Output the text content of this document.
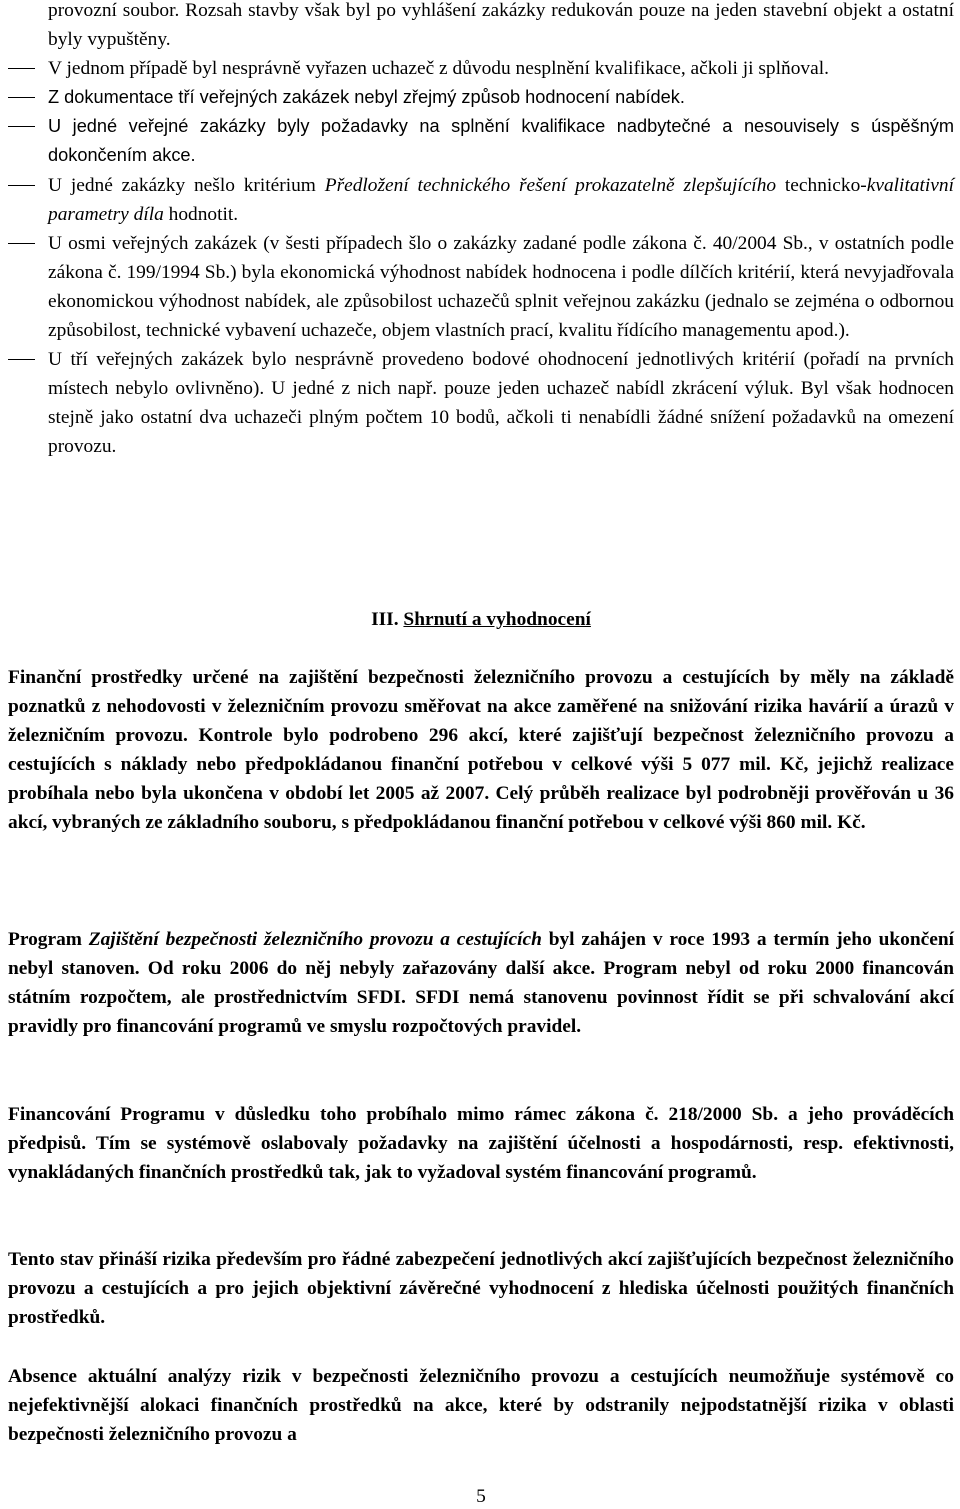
provozní soubor. Rozsah stavby však byl po vyhlášení zakázky redukován pouze na jeden stavební objekt a ostatní byly vypuštěny.
V jednom případě byl nesprávně vyřazen uchazeč z důvodu nesplnění kvalifikace, ačkoli ji splňoval.
Z dokumentace tří veřejných zakázek nebyl zřejmý způsob hodnocení nabídek.
U jedné veřejné zakázky byly požadavky na splnění kvalifikace nadbytečné a nesouvisely s úspěšným dokončením akce.
U jedné zakázky nešlo kritérium Předložení technického řešení prokazatelně zlepšujícího technicko-kvalitativní parametry díla hodnotit.
U osmi veřejných zakázek (v šesti případech šlo o zakázky zadané podle zákona č. 40/2004 Sb., v ostatních podle zákona č. 199/1994 Sb.) byla ekonomická výhodnost nabídek hodnocena i podle dílčích kritérií, která nevyjadřovala ekonomickou výhodnost nabídek, ale způsobilost uchazečů splnit veřejnou zakázku (jednalo se zejména o odbornou způsobilost, technické vybavení uchazeče, objem vlastních prací, kvalitu řídícího managementu apod.).
U tří veřejných zakázek bylo nesprávně provedeno bodové ohodnocení jednotlivých kritérií (pořadí na prvních místech nebylo ovlivněno). U jedné z nich např. pouze jeden uchazeč nabídl zkrácení výluk. Byl však hodnocen stejně jako ostatní dva uchazeči plným počtem 10 bodů, ačkoli ti nenabídli žádné snížení požadavků na omezení provozu.
III. Shrnutí a vyhodnocení

Finanční prostředky určené na zajištění bezpečnosti železničního provozu a cestujících by měly na základě poznatků z nehodovosti v železničním provozu směřovat na akce zaměřené na snižování rizika havárií a úrazů v železničním provozu. Kontrole bylo podrobeno 296 akcí, které zajišťují bezpečnost železničního provozu a cestujících s náklady nebo předpokládanou finanční potřebou v celkové výši 5 077 mil. Kč, jejichž realizace probíhala nebo byla ukončena v období let 2005 až 2007. Celý průběh realizace byl podrobněji prověřován u 36 akcí, vybraných ze základního souboru, s předpokládanou finanční potřebou v celkové výši 860 mil. Kč.

Program Zajištění bezpečnosti železničního provozu a cestujících byl zahájen v roce 1993 a termín jeho ukončení nebyl stanoven. Od roku 2006 do něj nebyly zařazovány další akce. Program nebyl od roku 2000 financován státním rozpočtem, ale prostřednictvím SFDI. SFDI nemá stanovenu povinnost řídit se při schvalování akcí pravidly pro financování programů ve smyslu rozpočtových pravidel.

Financování Programu v důsledku toho probíhalo mimo rámec zákona č. 218/2000 Sb. a jeho prováděcích předpisů. Tím se systémově oslabovaly požadavky na zajištění účelnosti a hospodárnosti, resp. efektivnosti, vynakládaných finančních prostředků tak, jak to vyžadoval systém financování programů.

Tento stav přináší rizika především pro řádné zabezpečení jednotlivých akcí zajišťujících bezpečnost železničního provozu a cestujících a pro jejich objektivní závěrečné vyhodnocení z hlediska účelnosti použitých finančních prostředků.

Absence aktuální analýzy rizik v bezpečnosti železničního provozu a cestujících neumožňuje systémově co nejefektivnější alokaci finančních prostředků na akce, které by odstranily nejpodstatnější rizika v oblasti bezpečnosti železničního provozu a

5
